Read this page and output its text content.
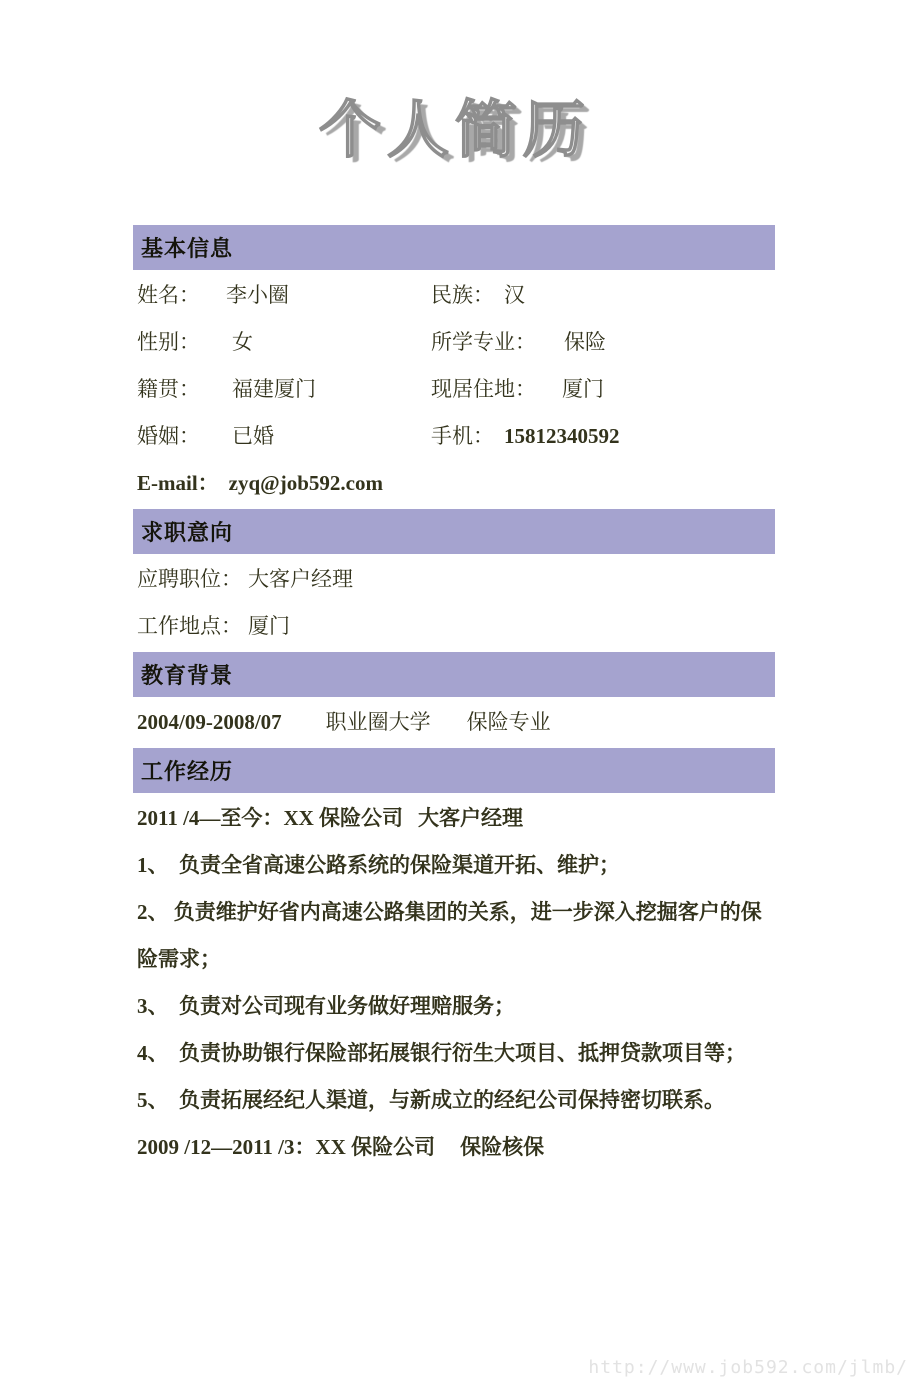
个人简历
基本信息
姓名： 李小圈	民族： 汉
性别： 女	所学专业： 保险
籍贯： 福建厦门	现居住地： 厦门
婚姻： 已婚	手机： 15812340592
E-mail： zyq@job592.com
求职意向
应聘职位： 大客户经理
工作地点： 厦门
教育背景
2004/09-2008/07 职业圈大学 保险专业
工作经历
2011 /4—至今：XX 保险公司 大客户经理
1、　负责全省高速公路系统的保险渠道开拓、维护；
2、 负责维护好省内高速公路集团的关系，进一步深入挖掘客户的保险需求；
3、　负责对公司现有业务做好理赔服务；
4、　负责协助银行保险部拓展银行衍生大项目、抵押贷款项目等；
5、　负责拓展经纪人渠道，与新成立的经纪公司保持密切联系。
2009 /12—2011 /3：XX 保险公司 保险核保
http://www.job592.com/jlmb/
